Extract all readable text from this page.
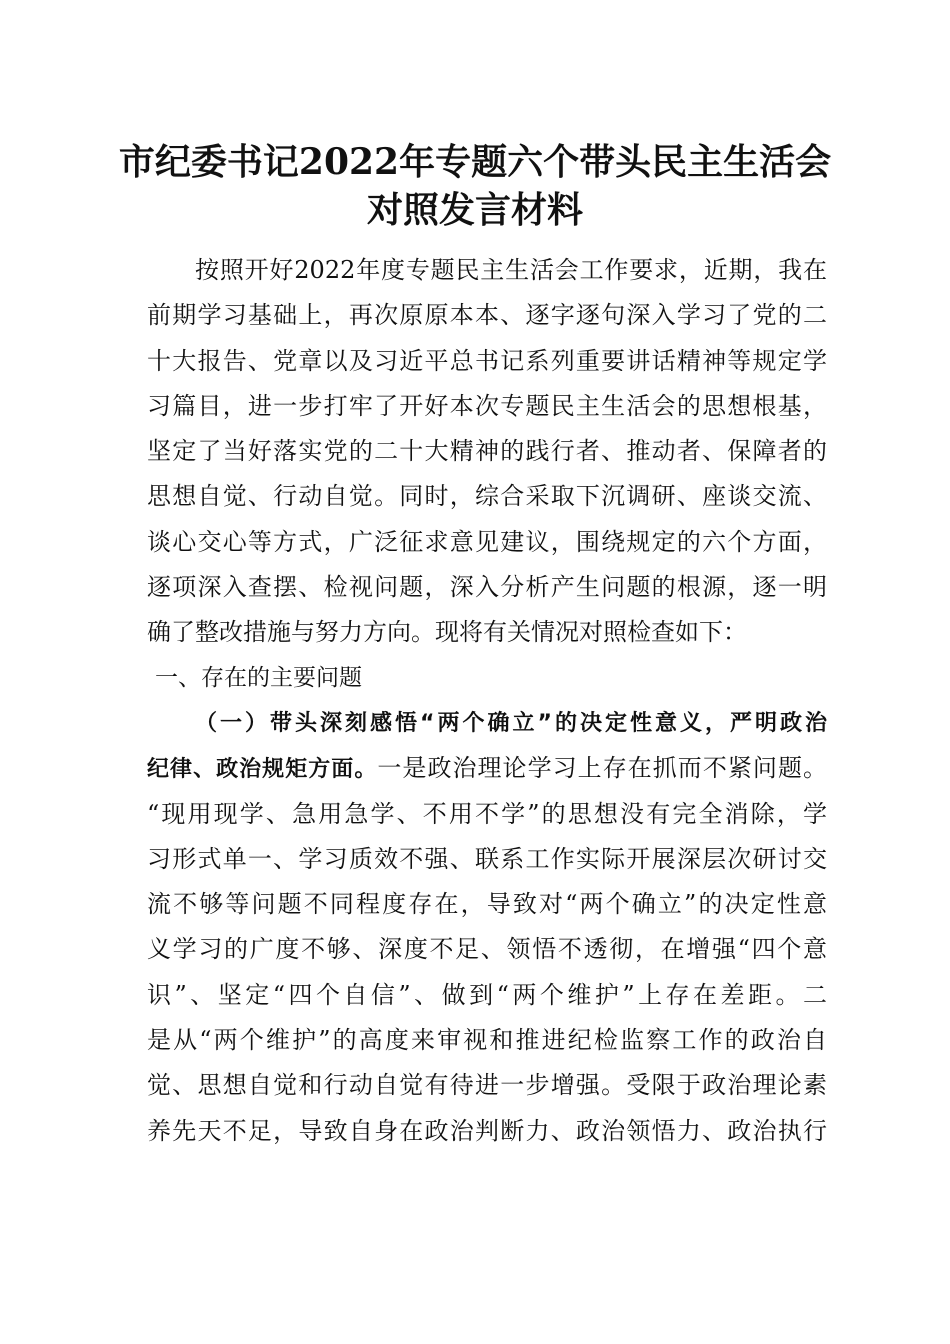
市纪委书记2022年专题六个带头民主生活会
对照发言材料
按照开好2022年度专题民主生活会工作要求，近期，我在
前期学习基础上，再次原原本本、逐字逐句深入学习了党的二
十大报告、党章以及习近平总书记系列重要讲话精神等规定学
习篇目，进一步打牢了开好本次专题民主生活会的思想根基，
坚定了当好落实党的二十大精神的践行者、推动者、保障者的
思想自觉、行动自觉。同时，综合采取下沉调研、座谈交流、
谈心交心等方式，广泛征求意见建议，围绕规定的六个方面，
逐项深入查摆、检视问题，深入分析产生问题的根源，逐一明
确了整改措施与努力方向。现将有关情况对照检查如下：
一、存在的主要问题
（一）带头深刻感悟“两个确立”的决定性意义，严明政治
纪律、政治规矩方面。一是政治理论学习上存在抓而不紧问题。
“现用现学、急用急学、不用不学”的思想没有完全消除，学
习形式单一、学习质效不强、联系工作实际开展深层次研讨交
流不够等问题不同程度存在，导致对“两个确立”的决定性意
义学习的广度不够、深度不足、领悟不透彻，在增强“四个意
识”、坚定“四个自信”、做到“两个维护”上存在差距。二
是从“两个维护”的高度来审视和推进纪检监察工作的政治自
觉、思想自觉和行动自觉有待进一步增强。受限于政治理论素
养先天不足，导致自身在政治判断力、政治领悟力、政治执行
